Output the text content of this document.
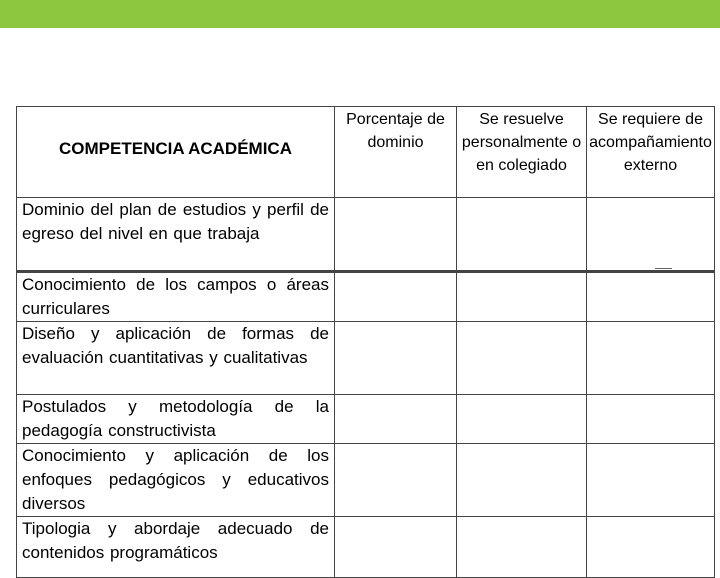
COMPETENCIA ACADÉMICA	Porcentaje de dominio	Se resuelve personalmente o en colegiado	Se requiere de acompañamiento externo
Dominio del plan de estudios y perfil de egreso del nivel en que trabaja			
Conocimiento de los campos o áreas curriculares			
Diseño y aplicación de formas de evaluación cuantitativas y cualitativas			
Postulados y metodología de la pedagogía constructivista			
Conocimiento y aplicación de los enfoques pedagógicos y educativos diversos			
Tipologia y abordaje adecuado de contenidos programáticos			
